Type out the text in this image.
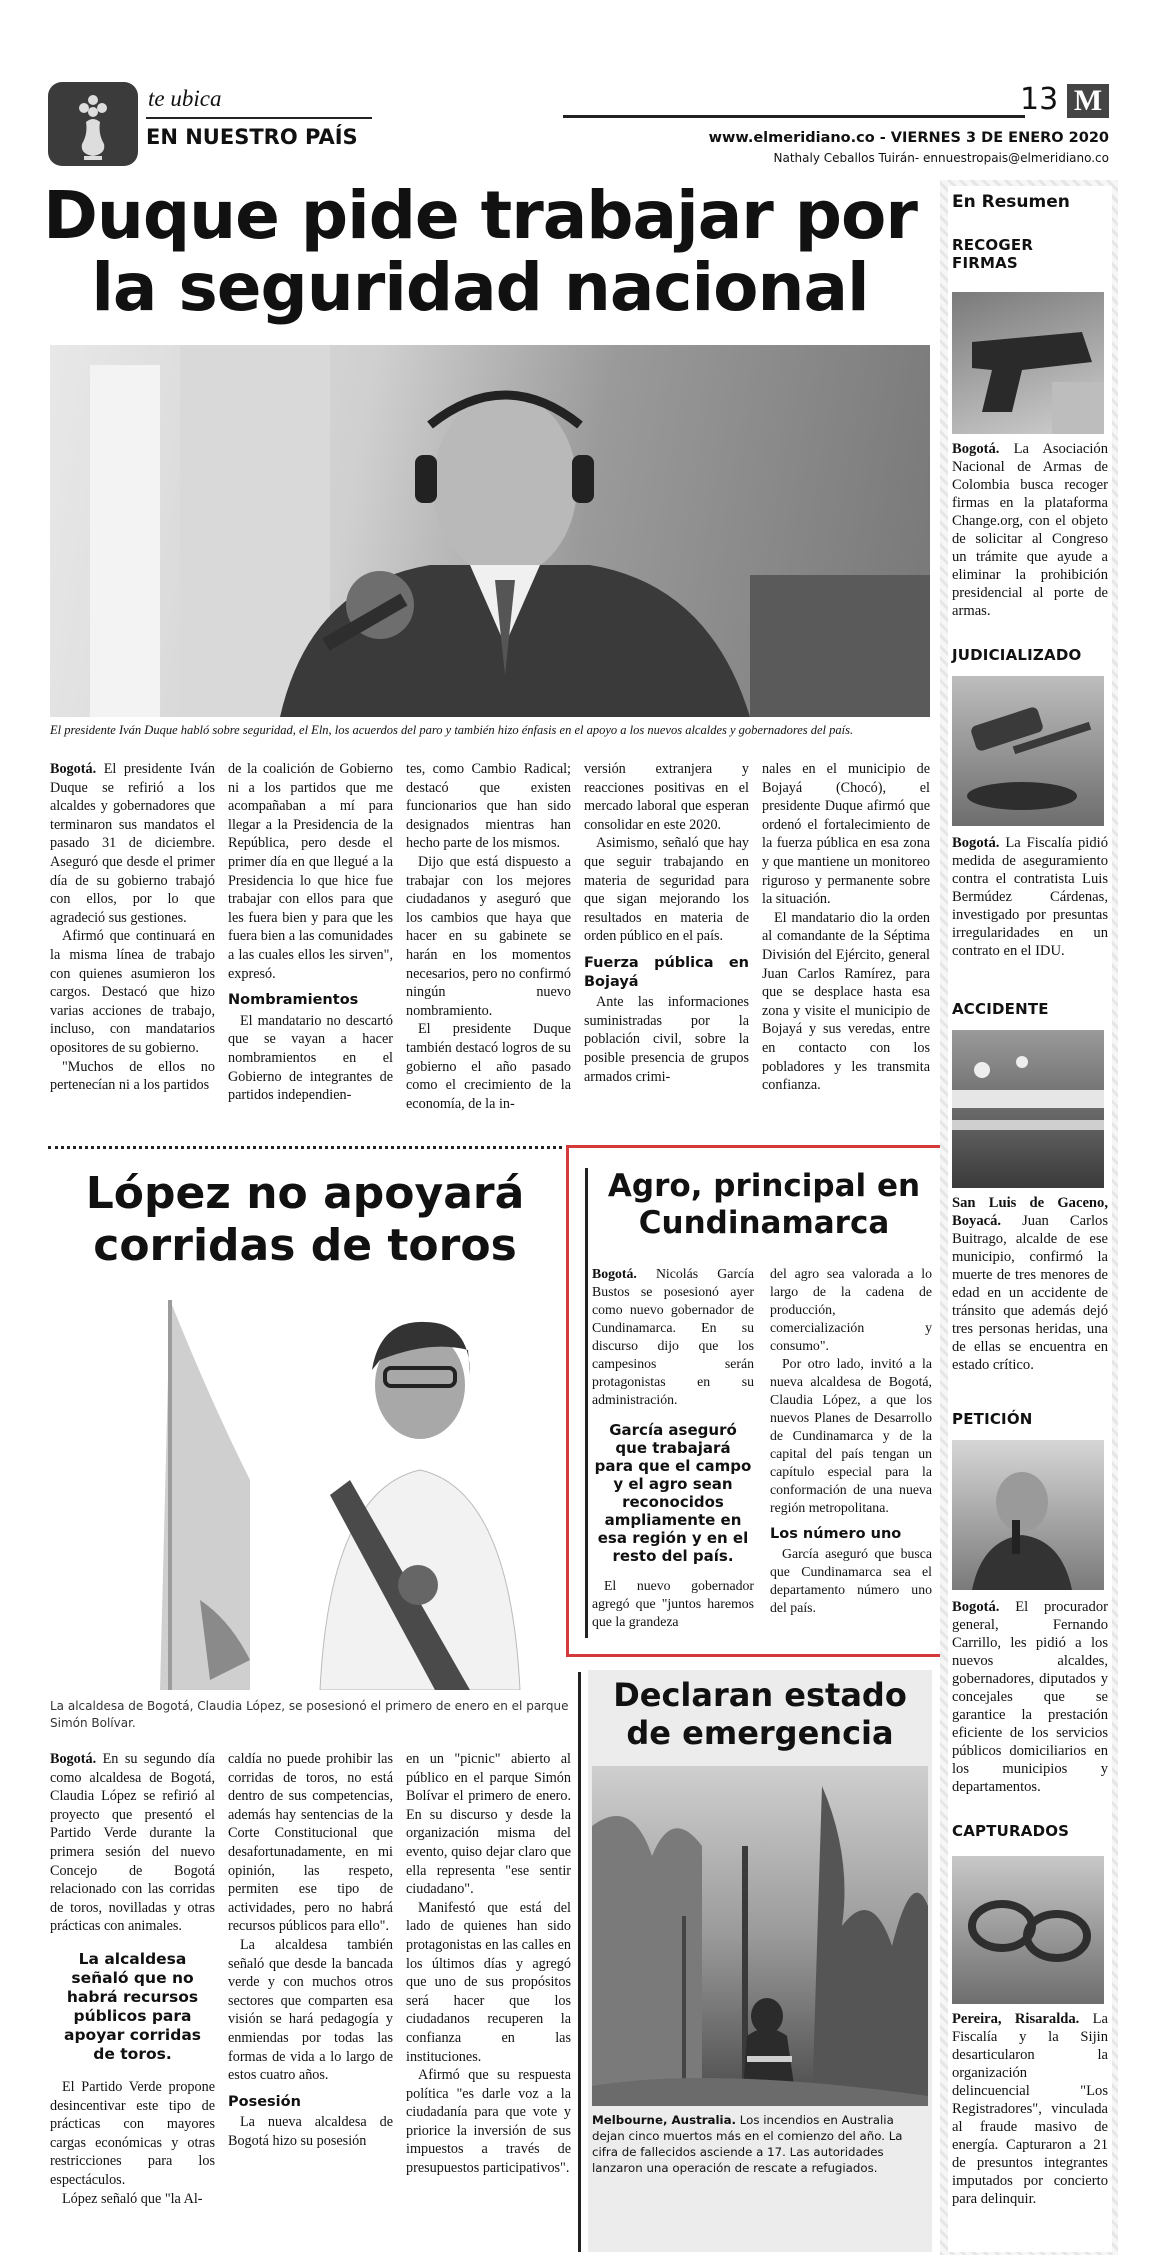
te ubica
EN NUESTRO PAÍS
13 M
www.elmeridiano.co - VIERNES 3 DE ENERO 2020
Nathaly Ceballos Tuirán- ennuestropais@elmeridiano.co
Duque pide trabajar por la seguridad nacional
El presidente Iván Duque habló sobre seguridad, el Eln, los acuerdos del paro y también hizo énfasis en el apoyo a los nuevos alcaldes y gobernadores del país.

Bogotá. El presidente Iván Duque se refirió a los alcaldes y gobernadores que terminaron sus mandatos el pasado 31 de diciembre. Aseguró que desde el primer día de su gobierno trabajó con ellos, por lo que agradeció sus gestiones.

Afirmó que continuará en la misma línea de trabajo con quienes asumieron los cargos. Destacó que hizo varias acciones de trabajo, incluso, con mandatarios opositores de su gobierno.

"Muchos de ellos no pertenecían ni a los partidos

de la coalición de Gobierno ni a los partidos que me acompañaban a mí para llegar a la Presidencia de la República, pero desde el primer día en que llegué a la Presidencia lo que hice fue trabajar con ellos para que les fuera bien y para que les fuera bien a las comunidades a las cuales ellos les sirven", expresó.

Nombramientos

El mandatario no descartó que se vayan a hacer nombramientos en el Gobierno de integrantes de partidos independien-

tes, como Cambio Radical; destacó que existen funcionarios que han sido designados mientras han hecho parte de los mismos.

Dijo que está dispuesto a trabajar con los mejores ciudadanos y aseguró que los cambios que haya que hacer en su gabinete se harán en los momentos necesarios, pero no confirmó ningún nuevo nombramiento.

El presidente Duque también destacó logros de su gobierno el año pasado como el crecimiento de la economía, de la in-

versión extranjera y reacciones positivas en el mercado laboral que esperan consolidar en este 2020.

Asimismo, señaló que hay que seguir trabajando en materia de seguridad para que sigan mejorando los resultados en materia de orden público en el país.

Fuerza pública en Bojayá

Ante las informaciones suministradas por la población civil, sobre la posible presencia de grupos armados crimi-

nales en el municipio de Bojayá (Chocó), el presidente Duque afirmó que ordenó el fortalecimiento de la fuerza pública en esa zona y que mantiene un monitoreo riguroso y permanente sobre la situación.

El mandatario dio la orden al comandante de la Séptima División del Ejército, general Juan Carlos Ramírez, para que se desplace hasta esa zona y visite el municipio de Bojayá y sus veredas, entre en contacto con los pobladores y les transmita confianza.

López no apoyará corridas de toros
La alcaldesa de Bogotá, Claudia López, se posesionó el primero de enero en el parque Simón Bolívar.

Bogotá. En su segundo día como alcaldesa de Bogotá, Claudia López se refirió al proyecto que presentó el Partido Verde durante la primera sesión del nuevo Concejo de Bogotá relacionado con las corridas de toros, novilladas y otras prácticas con animales.

La alcaldesa señaló que no habrá recursos públicos para apoyar corridas de toros.

El Partido Verde propone desincentivar este tipo de prácticas con mayores cargas económicas y otras restricciones para los espectáculos.

López señaló que "la Al-

caldía no puede prohibir las corridas de toros, no está dentro de sus competencias, además hay sentencias de la Corte Constitucional que desafortunadamente, en mi opinión, las respeto, permiten ese tipo de actividades, pero no habrá recursos públicos para ello".

La alcaldesa también señaló que desde la bancada verde y con muchos otros sectores que comparten esa visión se hará pedagogía y enmiendas por todas las formas de vida a lo largo de estos cuatro años.

Posesión

La nueva alcaldesa de Bogotá hizo su posesión

en un "picnic" abierto al público en el parque Simón Bolívar el primero de enero. En su discurso y desde la organización misma del evento, quiso dejar claro que ella representa "ese sentir ciudadano".

Manifestó que está del lado de quienes han sido protagonistas en las calles en los últimos días y agregó que uno de sus propósitos será hacer que los ciudadanos recuperen la confianza en las instituciones.

Afirmó que su respuesta política "es darle voz a la ciudadanía para que vote y priorice la inversión de sus impuestos a través de presupuestos participativos".

Agro, principal en Cundinamarca

Bogotá. Nicolás García Bustos se posesionó ayer como nuevo gobernador de Cundinamarca. En su discurso dijo que los campesinos serán protagonistas en su administración.

García aseguró que trabajará para que el campo y el agro sean reconocidos ampliamente en esa región y en el resto del país.

El nuevo gobernador agregó que "juntos haremos que la grandeza

del agro sea valorada a lo largo de la cadena de producción, comercialización y consumo".

Por otro lado, invitó a la nueva alcaldesa de Bogotá, Claudia López, a que los nuevos Planes de Desarrollo de Cundinamarca y de la capital del país tengan un capítulo especial para la conformación de una nueva región metropolitana.

Los número uno

García aseguró que busca que Cundinamarca sea el departamento número uno del país.

Declaran estado de emergencia
Melbourne, Australia. Los incendios en Australia dejan cinco muertos más en el comienzo del año. La cifra de fallecidos asciende a 17. Las autoridades lanzaron una operación de rescate a refugiados.
En Resumen
RECOGER FIRMAS
Bogotá. La Asociación Nacional de Armas de Colombia busca recoger firmas en la plataforma Change.org, con el objeto de solicitar al Congreso un trámite que ayude a eliminar la prohibición presidencial al porte de armas.
JUDICIALIZADO
Bogotá. La Fiscalía pidió medida de aseguramiento contra el contratista Luis Bermúdez Cárdenas, investigado por presuntas irregularidades en un contrato en el IDU.
ACCIDENTE
San Luis de Gaceno, Boyacá. Juan Carlos Buitrago, alcalde de ese municipio, confirmó la muerte de tres menores de edad en un accidente de tránsito que además dejó tres personas heridas, una de ellas se encuentra en estado crítico.
PETICIÓN
Bogotá. El procurador general, Fernando Carrillo, les pidió a los nuevos alcaldes, gobernadores, diputados y concejales que se garantice la prestación eficiente de los servicios públicos domiciliarios en los municipios y departamentos.
CAPTURADOS
Pereira, Risaralda. La Fiscalía y la Sijin desarticularon la organización delincuencial "Los Registradores", vinculada al fraude masivo de energía. Capturaron a 21 de presuntos integrantes imputados por concierto para delinquir.
